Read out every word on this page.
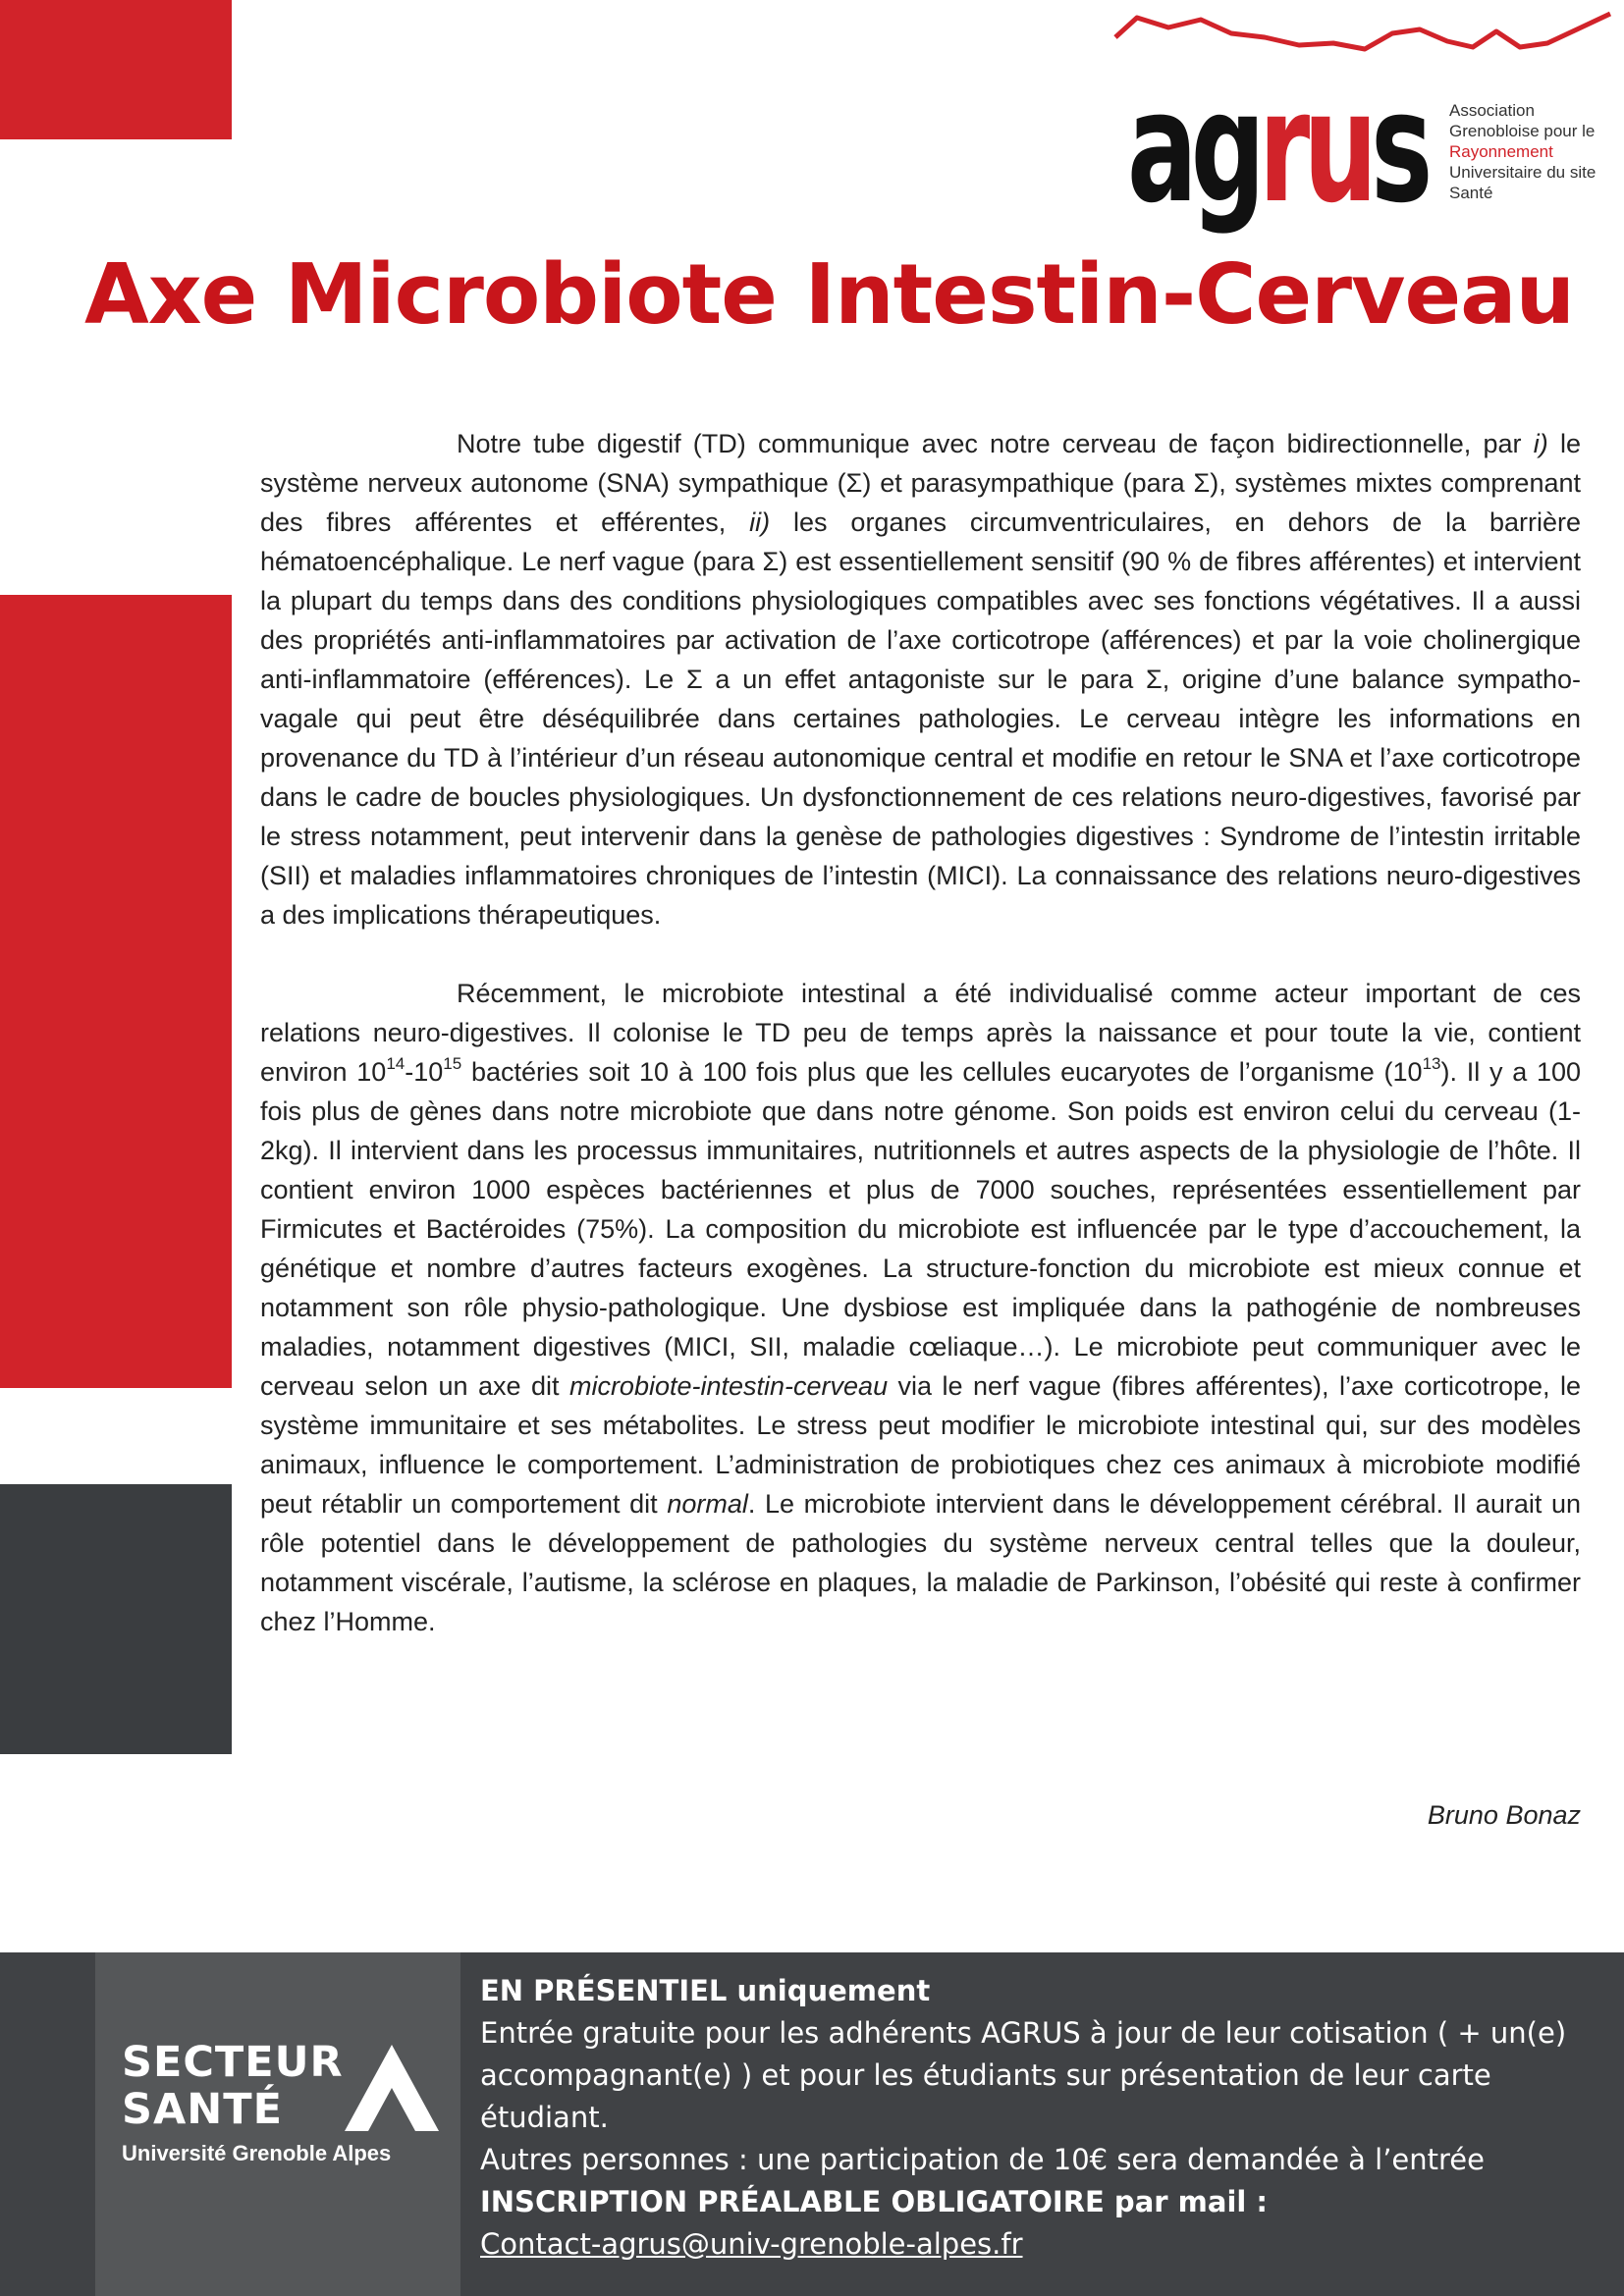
agrus Association
Grenobloise pour le
Rayonnement
Universitaire du site
Santé
Axe Microbiote Intestin-Cerveau

Notre tube digestif (TD) communique avec notre cerveau de façon bidirectionnelle, par i) le système nerveux autonome (SNA) sympathique (Σ) et parasympathique (para Σ), systèmes mixtes comprenant des fibres afférentes et efférentes, ii) les organes circumventriculaires, en dehors de la barrière hématoencéphalique. Le nerf vague (para Σ) est essentiellement sensitif (90 % de fibres afférentes) et intervient la plupart du temps dans des conditions physiologiques compatibles avec ses fonctions végétatives. Il a aussi des propriétés anti-inflammatoires par activation de l’axe corticotrope (afférences) et par la voie cholinergique anti-inflammatoire (efférences). Le Σ a un effet antagoniste sur le para Σ, origine d’une balance sympatho-vagale qui peut être déséquilibrée dans certaines pathologies. Le cerveau intègre les informations en provenance du TD à l’intérieur d’un réseau autonomique central et modifie en retour le SNA et l’axe corticotrope dans le cadre de boucles physiologiques. Un dysfonctionnement de ces relations neuro-digestives, favorisé par le stress notamment, peut intervenir dans la genèse de pathologies digestives : Syndrome de l’intestin irritable (SII) et maladies inflammatoires chroniques de l’intestin (MICI). La connaissance des relations neuro-digestives a des implications thérapeutiques.

Récemment, le microbiote intestinal a été individualisé comme acteur important de ces relations neuro-digestives. Il colonise le TD peu de temps après la naissance et pour toute la vie, contient environ $10^{14}-10^{15}$ bactéries soit 10 à 100 fois plus que les cellules eucaryotes de l’organisme $(10^{13})$. Il y a 100 fois plus de gènes dans notre microbiote que dans notre génome. Son poids est environ celui du cerveau (1-2kg). Il intervient dans les processus immunitaires, nutritionnels et autres aspects de la physiologie de l’hôte. Il contient environ 1000 espèces bactériennes et plus de 7000 souches, représentées essentiellement par Firmicutes et Bactéroides (75%). La composition du microbiote est influencée par le type d’accouchement, la génétique et nombre d’autres facteurs exogènes. La structure-fonction du microbiote est mieux connue et notamment son rôle physio-pathologique. Une dysbiose est impliquée dans la pathogénie de nombreuses maladies, notamment digestives (MICI, SII, maladie cœliaque…). Le microbiote peut communiquer avec le cerveau selon un axe dit microbiote-intestin-cerveau via le nerf vague (fibres afférentes), l’axe corticotrope, le système immunitaire et ses métabolites. Le stress peut modifier le microbiote intestinal qui, sur des modèles animaux, influence le comportement. L’administration de probiotiques chez ces animaux à microbiote modifié peut rétablir un comportement dit normal. Le microbiote intervient dans le développement cérébral. Il aurait un rôle potentiel dans le développement de pathologies du système nerveux central telles que la douleur, notamment viscérale, l’autisme, la sclérose en plaques, la maladie de Parkinson, l’obésité qui reste à confirmer chez l’Homme.

Bruno Bonaz
SECTEUR
SANTÉ
Université Grenoble Alpes
EN PRÉSENTIEL uniquement
Entrée gratuite pour les adhérents AGRUS à jour de leur cotisation ( + un(e) accompagnant(e) ) et pour les étudiants sur présentation de leur carte étudiant.
Autres personnes : une participation de 10€ sera demandée à l’entrée
INSCRIPTION PRÉALABLE OBLIGATOIRE par mail :
Contact-agrus@univ-grenoble-alpes.fr
